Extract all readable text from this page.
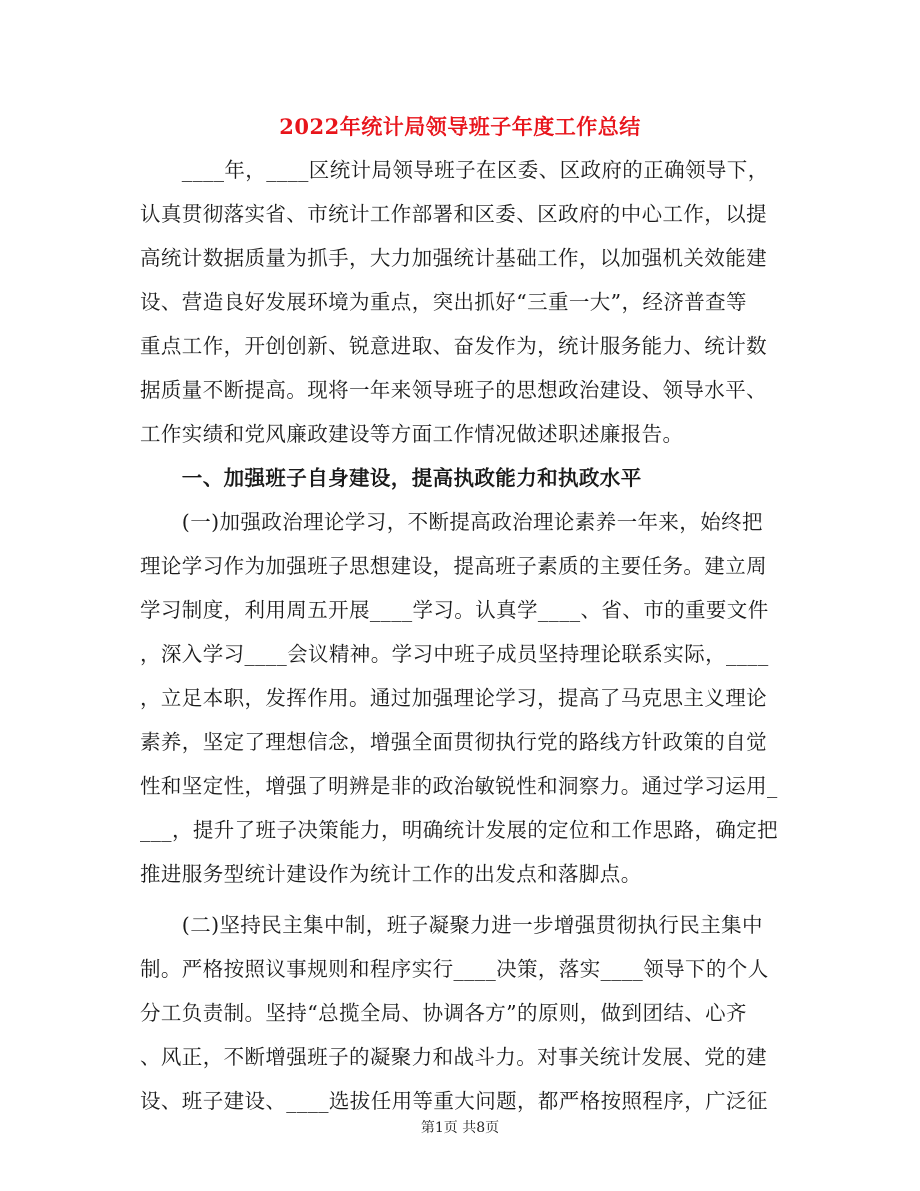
2022年统计局领导班子年度工作总结
　　____年，____区统计局领导班子在区委、区政府的正确领导下，
认真贯彻落实省、市统计工作部署和区委、区政府的中心工作，以提
高统计数据质量为抓手，大力加强统计基础工作，以加强机关效能建
设、营造良好发展环境为重点，突出抓好“三重一大”，经济普查等
重点工作，开创创新、锐意进取、奋发作为，统计服务能力、统计数
据质量不断提高。现将一年来领导班子的思想政治建设、领导水平、
工作实绩和党风廉政建设等方面工作情况做述职述廉报告。
　　一、加强班子自身建设，提高执政能力和执政水平
　　(一)加强政治理论学习，不断提高政治理论素养一年来，始终把
理论学习作为加强班子思想建设，提高班子素质的主要任务。建立周
学习制度，利用周五开展____学习。认真学____、省、市的重要文件
，深入学习____会议精神。学习中班子成员坚持理论联系实际，____
，立足本职，发挥作用。通过加强理论学习，提高了马克思主义理论
素养，坚定了理想信念，增强全面贯彻执行党的路线方针政策的自觉
性和坚定性，增强了明辨是非的政治敏锐性和洞察力。通过学习运用_
___，提升了班子决策能力，明确统计发展的定位和工作思路，确定把
推进服务型统计建设作为统计工作的出发点和落脚点。
　　(二)坚持民主集中制，班子凝聚力进一步增强贯彻执行民主集中
制。严格按照议事规则和程序实行____决策，落实____领导下的个人
分工负责制。坚持“总揽全局、协调各方”的原则，做到团结、心齐
、风正，不断增强班子的凝聚力和战斗力。对事关统计发展、党的建
设、班子建设、____选拔任用等重大问题，都严格按照程序，广泛征
第1页 共8页
